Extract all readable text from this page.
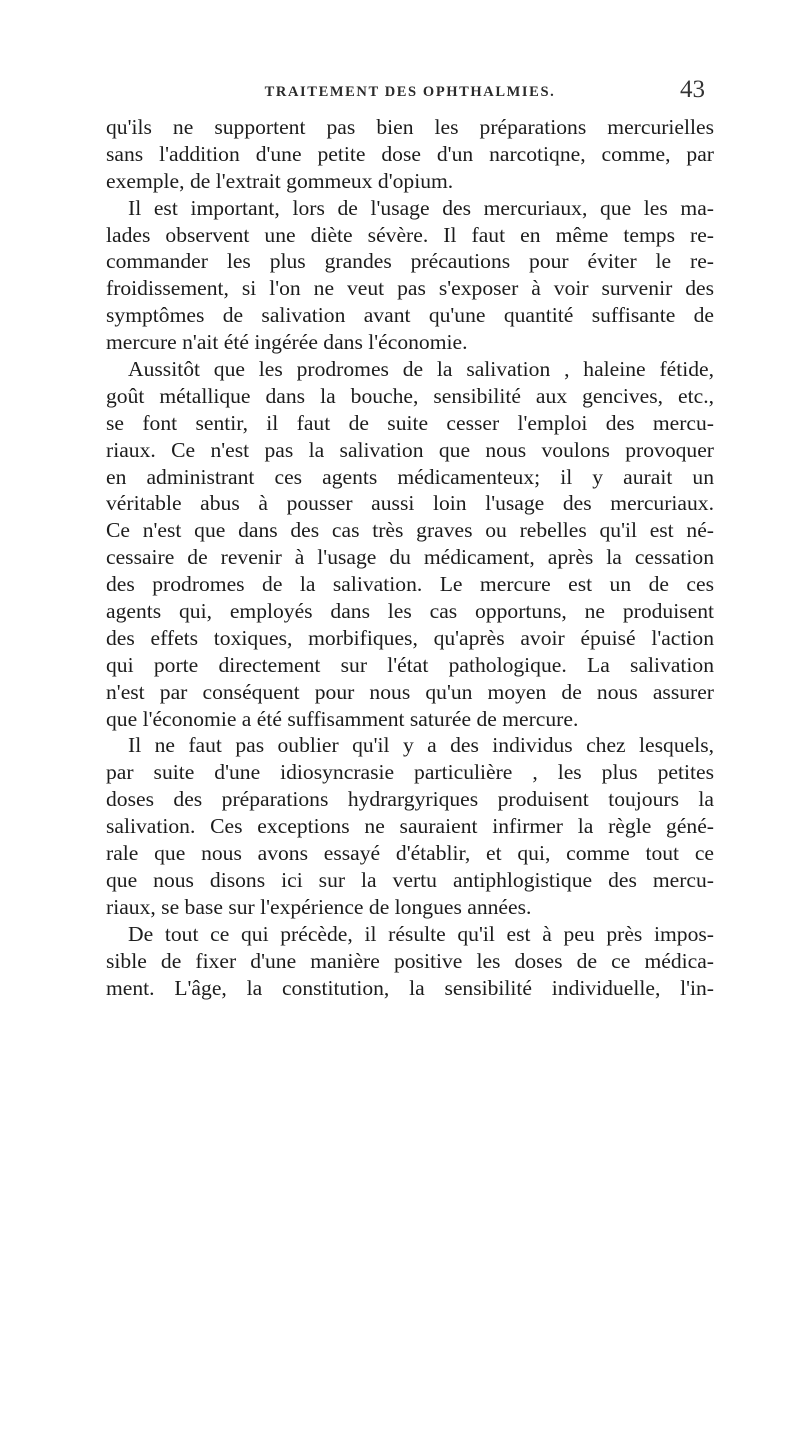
TRAITEMENT DES OPHTHALMIES.	43
qu'ils ne supportent pas bien les préparations mercurielles
sans l'addition d'une petite dose d'un narcotiqne, comme, par
exemple, de l'extrait gommeux d'opium.
Il est important, lors de l'usage des mercuriaux, que les ma-
lades observent une diète sévère. Il faut en même temps re-
commander les plus grandes précautions pour éviter le re-
froidissement, si l'on ne veut pas s'exposer à voir survenir des
symptômes de salivation avant qu'une quantité suffisante de
mercure n'ait été ingérée dans l'économie.
Aussitôt que les prodromes de la salivation , haleine fétide,
goût métallique dans la bouche, sensibilité aux gencives, etc.,
se font sentir, il faut de suite cesser l'emploi des mercu-
riaux. Ce n'est pas la salivation que nous voulons provoquer
en administrant ces agents médicamenteux; il y aurait un
véritable abus à pousser aussi loin l'usage des mercuriaux.
Ce n'est que dans des cas très graves ou rebelles qu'il est né-
cessaire de revenir à l'usage du médicament, après la cessation
des prodromes de la salivation. Le mercure est un de ces
agents qui, employés dans les cas opportuns, ne produisent
des effets toxiques, morbifiques, qu'après avoir épuisé l'action
qui porte directement sur l'état pathologique. La salivation
n'est par conséquent pour nous qu'un moyen de nous assurer
que l'économie a été suffisamment saturée de mercure.
Il ne faut pas oublier qu'il y a des individus chez lesquels,
par suite d'une idiosyncrasie particulière , les plus petites
doses des préparations hydrargyriques produisent toujours la
salivation. Ces exceptions ne sauraient infirmer la règle géné-
rale que nous avons essayé d'établir, et qui, comme tout ce
que nous disons ici sur la vertu antiphlogistique des mercu-
riaux, se base sur l'expérience de longues années.
De tout ce qui précède, il résulte qu'il est à peu près impos-
sible de fixer d'une manière positive les doses de ce médica-
ment. L'âge, la constitution, la sensibilité individuelle, l'in-
